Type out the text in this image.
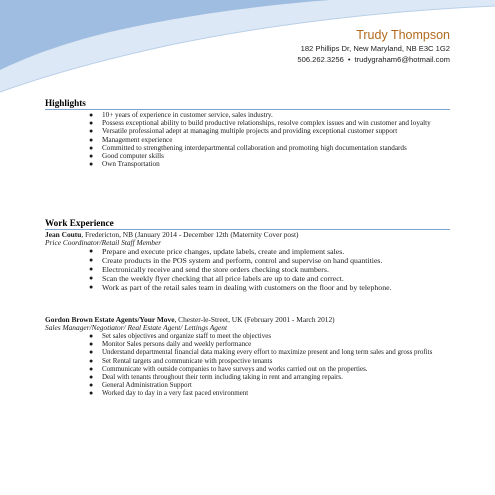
Trudy Thompson

182 Phillips Dr, New Maryland, NB E3C 1G2

506.262.3256 • trudygraham6@hotmail.com

Highlights
● 10+ years of experience in customer service, sales industry.
● Possess exceptional ability to build productive relationships, resolve complex issues and win customer and loyalty
● Versatile professional adept at managing multiple projects and providing exceptional customer support
● Management experience
● Committed to strengthening interdepartmental collaboration and promoting high documentation standards
● Good computer skills
● Own Transportation
Work Experience

Jean Coutu, Fredericton, NB (January 2014 - December 12th (Maternity Cover post)

Price Coordinator/Retail Staff Member

● Prepare and execute price changes, update labels, create and implement sales.
● Create products in the POS system and perform, control and supervise on hand quantities.
● Electronically receive and send the store orders checking stock numbers.
● Scan the weekly flyer checking that all price labels are up to date and correct.
● Work as part of the retail sales team in dealing with customers on the floor and by telephone.

Gordon Brown Estate Agents/Your Move, Chester-le-Street, UK (February 2001 - March 2012)

Sales Manager/Negotiator/ Real Estate Agent/ Lettings Agent

● Set sales objectives and organize staff to meet the objectives
● Monitor Sales persons daily and weekly performance
● Understand departmental financial data making every effort to maximize present and long term sales and gross profits
● Set Rental targets and communicate with prospective tenants
● Communicate with outside companies to have surveys and works carried out on the properties.
● Deal with tenants throughout their term including taking in rent and arranging repairs.
● General Administration Support
● Worked day to day in a very fast paced environment
